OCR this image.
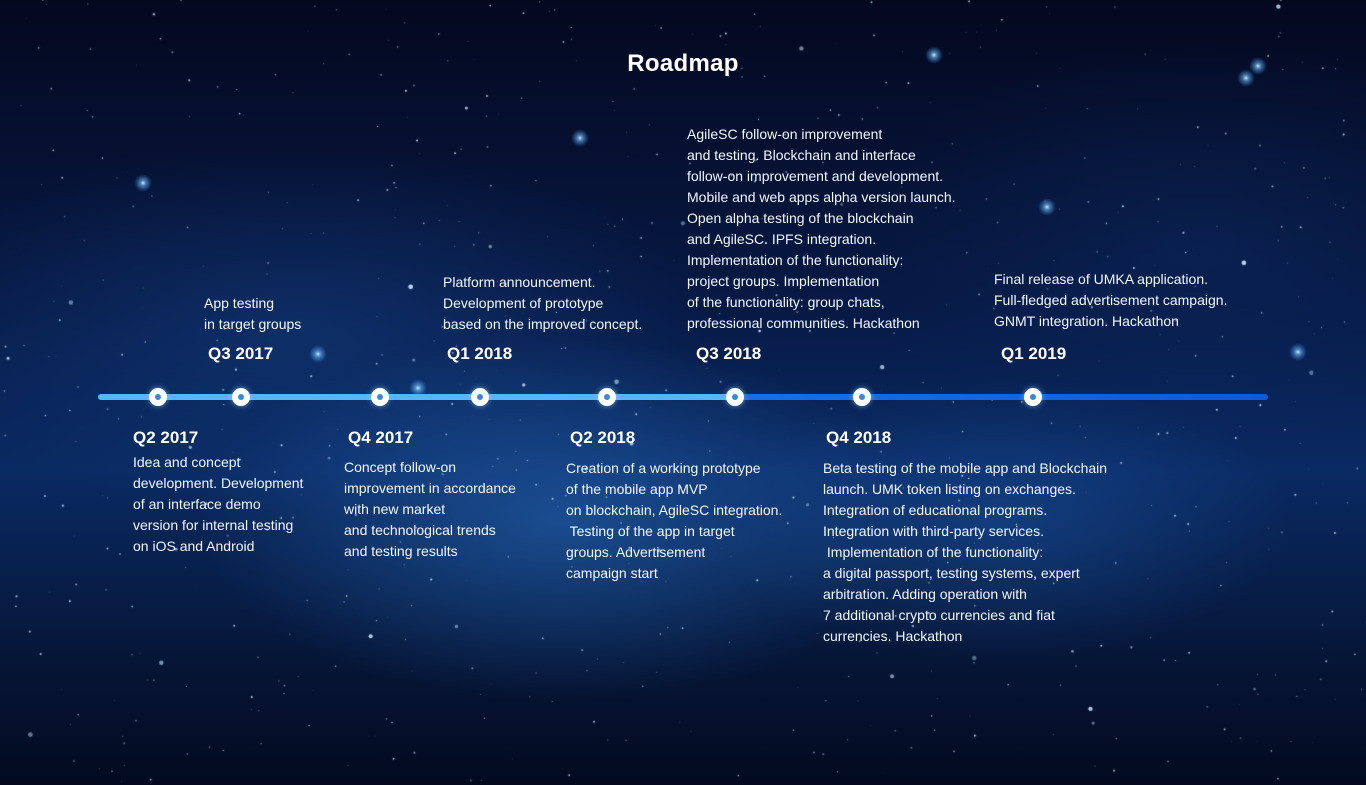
Roadmap
Q2 2017
Idea and concept
development. Development
of an interface demo
version for internal testing
on iOS and Android
Q4 2017
Concept follow-on
improvement in accordance
with new market
and technological trends
and testing results
Q2 2018
Creation of a working prototype
of the mobile app MVP
on blockchain, AgileSC integration.
Testing of the app in target
groups. Advertisement
campaign start
Q4 2018
Beta testing of the mobile app and Blockchain
launch. UMK token listing on exchanges.
Integration of educational programs.
Integration with third-party services.
Implementation of the functionality:
a digital passport, testing systems, expert
arbitration. Adding operation with
7 additional crypto currencies and fiat
currencies. Hackathon
App testing
in target groups
Q3 2017
Platform announcement.
Development of prototype
based on the improved concept.
Q1 2018
AgileSC follow-on improvement
and testing. Blockchain and interface
follow-on improvement and development.
Mobile and web apps alpha version launch.
Open alpha testing of the blockchain
and AgileSC. IPFS integration.
Implementation of the functionality:
project groups. Implementation
of the functionality: group chats,
professional communities. Hackathon
Q3 2018
Final release of UMKA application.
Full-fledged advertisement campaign.
GNMT integration. Hackathon
Q1 2019
